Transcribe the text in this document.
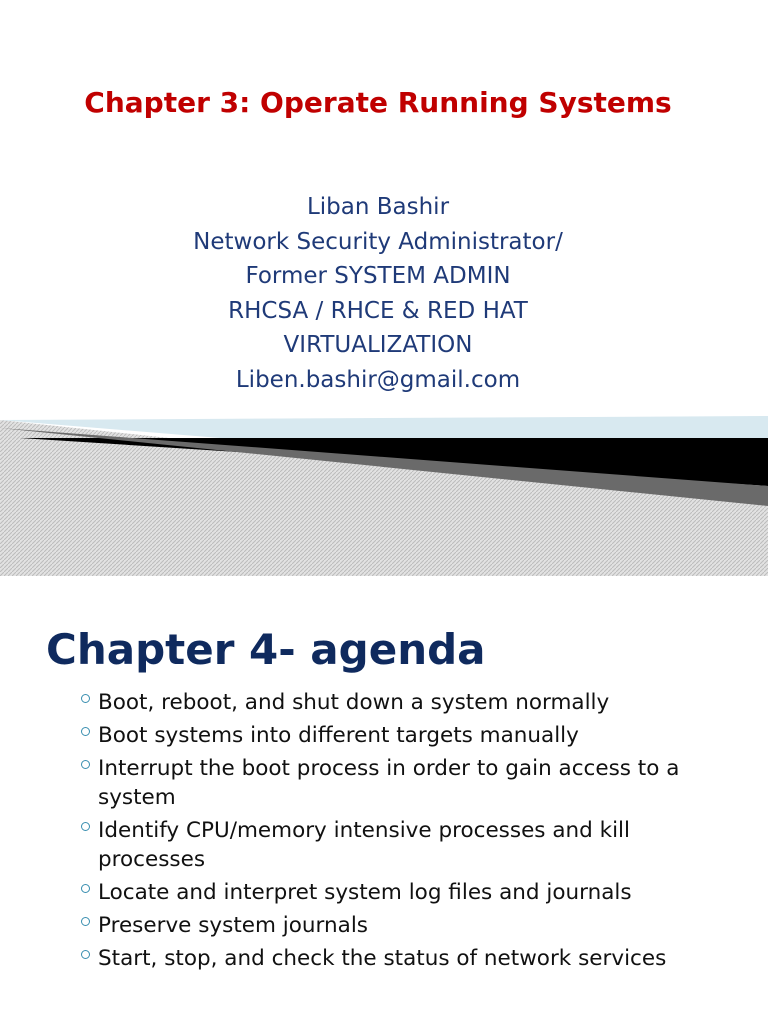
Chapter 3: Operate Running Systems
Liban Bashir
Network Security Administrator/
Former SYSTEM ADMIN
RHCSA / RHCE & RED HAT
VIRTUALIZATION
Liben.bashir@gmail.com
Chapter 4- agenda
Boot, reboot, and shut down a system normally
Boot systems into different targets manually
Interrupt the boot process in order to gain access to a system
Identify CPU/memory intensive processes and kill processes
Locate and interpret system log files and journals
Preserve system journals
Start, stop, and check the status of network services
